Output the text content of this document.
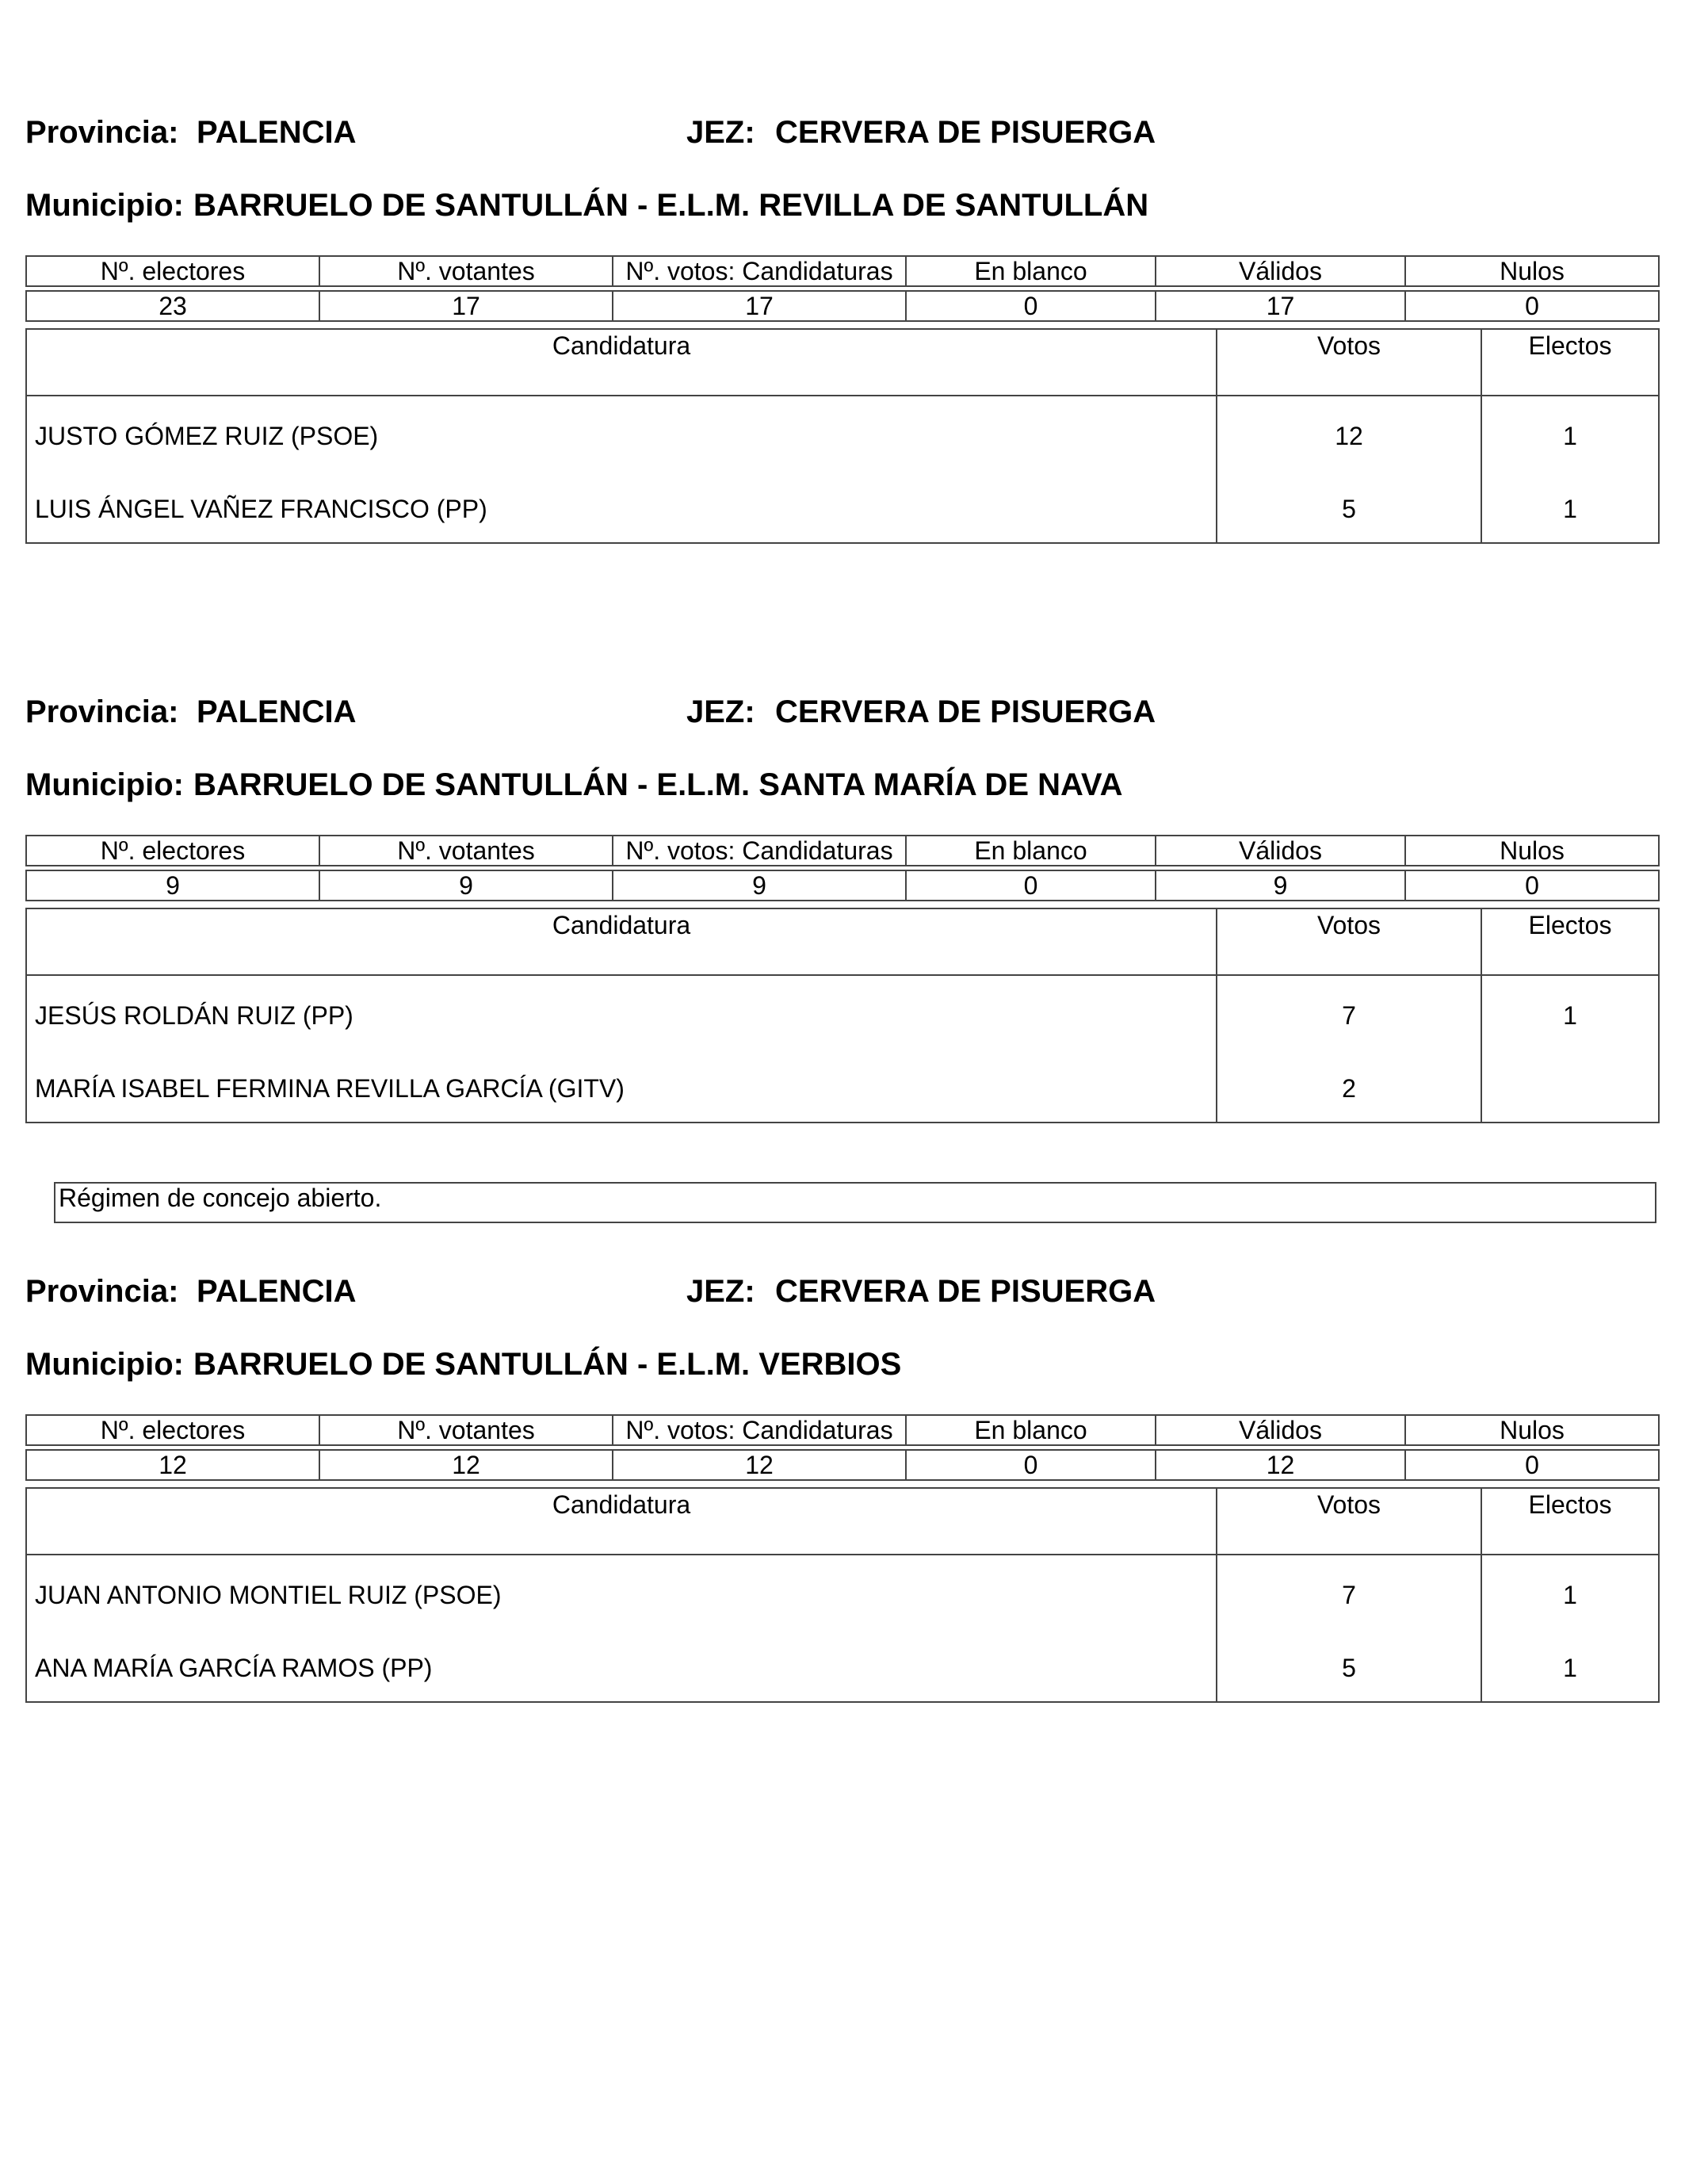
Provincia: PALENCIA	JEZ: CERVERA DE PISUERGA
Municipio: BARRUELO DE SANTULLÁN - E.L.M. REVILLA DE SANTULLÁN
Nº. electores	Nº. votantes	Nº. votos: Candidaturas	En blanco	Válidos	Nulos

23	17	17	0	17	0
Candidatura	Votos	Electos
JUSTO GÓMEZ RUIZ (PSOE)	12	1
LUIS ÁNGEL VAÑEZ FRANCISCO (PP)	5	1
Provincia: PALENCIA	JEZ: CERVERA DE PISUERGA
Municipio: BARRUELO DE SANTULLÁN - E.L.M. SANTA MARÍA DE NAVA
Nº. electores	Nº. votantes	Nº. votos: Candidaturas	En blanco	Válidos	Nulos

9	9	9	0	9	0
Candidatura	Votos	Electos
JESÚS ROLDÁN RUIZ (PP)	7	1
MARÍA ISABEL FERMINA REVILLA GARCÍA (GITV)	2	
Régimen de concejo abierto.
Provincia: PALENCIA	JEZ: CERVERA DE PISUERGA
Municipio: BARRUELO DE SANTULLÁN - E.L.M. VERBIOS
Nº. electores	Nº. votantes	Nº. votos: Candidaturas	En blanco	Válidos	Nulos

12	12	12	0	12	0
Candidatura	Votos	Electos
JUAN ANTONIO MONTIEL RUIZ (PSOE)	7	1
ANA MARÍA GARCÍA RAMOS (PP)	5	1
